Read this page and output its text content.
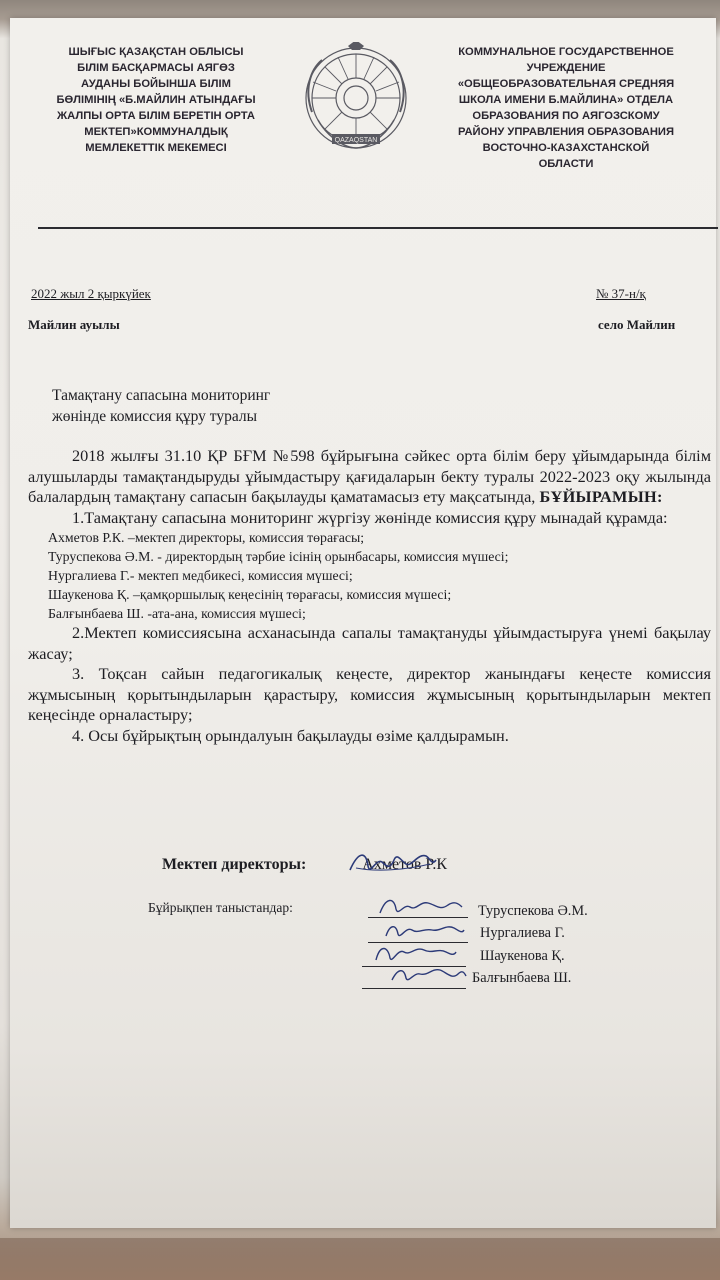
ШЫҒЫС ҚАЗАҚСТАН ОБЛЫСЫ
БІЛІМ БАСҚАРМАСЫ АЯГӨЗ
АУДАНЫ БОЙЫНША БІЛІМ
БӨЛІМІНІҢ «Б.МАЙЛИН АТЫНДАҒЫ
ЖАЛПЫ ОРТА БІЛІМ БЕРЕТІН ОРТА
МЕКТЕП»КОММУНАЛДЫҚ
МЕМЛЕКЕТТІК МЕКЕМЕСІ
QAZAQSTAN
КОММУНАЛЬНОЕ ГОСУДАРСТВЕННОЕ
УЧРЕЖДЕНИЕ
«ОБЩЕОБРАЗОВАТЕЛЬНАЯ СРЕДНЯЯ
ШКОЛА ИМЕНИ Б.МАЙЛИНА» ОТДЕЛА
ОБРАЗОВАНИЯ ПО АЯГОЗСКОМУ
РАЙОНУ УПРАВЛЕНИЯ ОБРАЗОВАНИЯ
ВОСТОЧНО-КАЗАХСТАНСКОЙ
ОБЛАСТИ
2022 жыл 2 қыркүйек	№ 37-н/қ
Майлин ауылы	село Майлин
Тамақтану сапасына мониторинг
жөнінде комиссия құру туралы

2018 жылғы 31.10 ҚР БҒМ №598 бұйрығына сәйкес орта білім беру ұйымдарында білім алушыларды тамақтандыруды ұйымдастыру қағидаларын бекту туралы 2022-2023 оқу жылында балалардың тамақтану сапасын бақылауды қаматамасыз ету мақсатында, БҰЙЫРАМЫН:

1.Тамақтану сапасына мониторинг жүргізу жөнінде комиссия құру мынадай құрамда:

Ахметов Р.К. –мектеп директоры, комиссия төрағасы;
Туруспекова Ә.М. - директордың тәрбие ісінің орынбасары, комиссия мүшесі;
Нургалиева Г.- мектеп медбикесі, комиссия мүшесі;
Шаукенова Қ. –қамқоршылық кеңесінің төрағасы, комиссия мүшесі;
Балғынбаева Ш. -ата-ана, комиссия мүшесі;

2.Мектеп комиссиясына асханасында сапалы тамақтануды ұйымдастыруға үнемі бақылау жасау;

3. Тоқсан сайын педагогикалық кеңесте, директор жанындағы кеңесте комиссия жұмысының қорытындыларын қарастыру, комиссия жұмысының қорытындыларын мектеп кеңесінде орналастыру;

4. Осы бұйрықтың орындалуын бақылауды өзіме қалдырамын.

Мектеп директоры:	Ахметов Р.К
Бұйрықпен таныстандар:	Туруспекова Ә.М.
Нургалиева Г.
Шаукенова Қ.
Балғынбаева Ш.
